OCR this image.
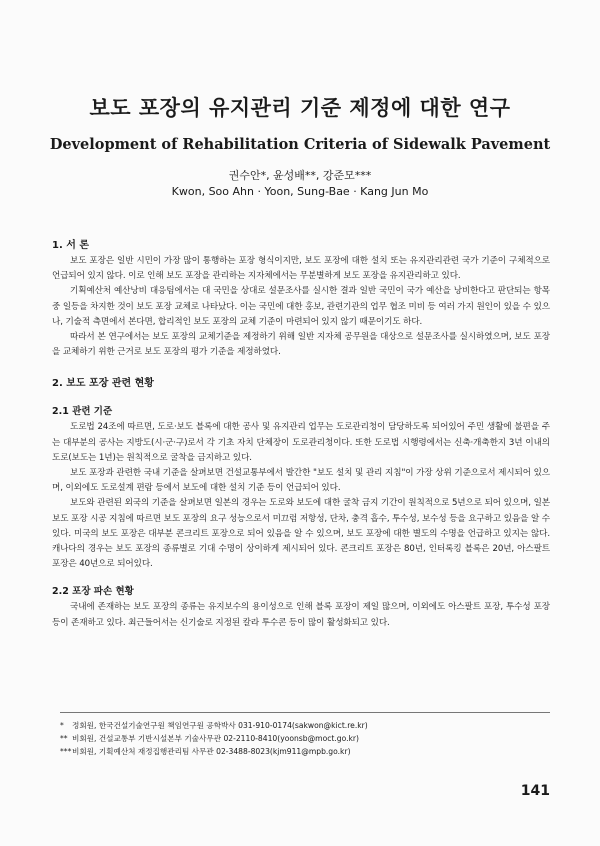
보도 포장의 유지관리 기준 제정에 대한 연구
Development of Rehabilitation Criteria of Sidewalk Pavement
권수안*, 윤성배**, 강준모***
Kwon, Soo Ahn · Yoon, Sung-Bae · Kang Jun Mo
1. 서 론

보도 포장은 일반 시민이 가장 많이 통행하는 포장 형식이지만, 보도 포장에 대한 설치 또는 유지관리관련 국가 기준이 구체적으로 언급되어 있지 않다. 이로 인해 보도 포장을 관리하는 지자체에서는 무분별하게 보도 포장을 유지관리하고 있다.

기획예산처 예산낭비 대응팀에서는 대 국민을 상대로 설문조사를 실시한 결과 일반 국민이 국가 예산을 낭비한다고 판단되는 항목 중 일등을 차지한 것이 보도 포장 교체로 나타났다. 이는 국민에 대한 홍보, 관련기관의 업무 협조 미비 등 여러 가지 원인이 있을 수 있으나, 기술적 측면에서 본다면, 합리적인 보도 포장의 교체 기준이 마련되어 있지 않기 때문이기도 하다.

따라서 본 연구에서는 보도 포장의 교체기준을 제정하기 위해 일반 지자체 공무원을 대상으로 설문조사를 실시하였으며, 보도 포장을 교체하기 위한 근거로 보도 포장의 평가 기준을 제정하였다.

2. 보도 포장 관련 현황
2.1 관련 기준

도로법 24조에 따르면, 도로·보도 블록에 대한 공사 및 유지관리 업무는 도로관리청이 담당하도록 되어있어 주민 생활에 불편을 주는 대부분의 공사는 지방도(시·군·구)로서 각 기초 자치 단체장이 도로관리청이다. 또한 도로법 시행령에서는 신축·개축한지 3년 이내의 도로(보도는 1년)는 원칙적으로 굴착을 금지하고 있다.

보도 포장과 관련한 국내 기준을 살펴보면 건설교통부에서 발간한 "보도 설치 및 관리 지침"이 가장 상위 기준으로서 제시되어 있으며, 이외에도 도로설계 편람 등에서 보도에 대한 설치 기준 등이 언급되어 있다.

보도와 관련된 외국의 기준을 살펴보면 일본의 경우는 도로와 보도에 대한 굴착 금지 기간이 원칙적으로 5년으로 되어 있으며, 일본 보도 포장 시공 지침에 따르면 보도 포장의 요구 성능으로서 미끄럼 저항성, 단차, 충격 흡수, 투수성, 보수성 등을 요구하고 있음을 알 수 있다. 미국의 보도 포장은 대부분 콘크리트 포장으로 되어 있음을 알 수 있으며, 보도 포장에 대한 별도의 수명을 언급하고 있지는 않다. 캐나다의 경우는 보도 포장의 종류별로 기대 수명이 상이하게 제시되어 있다. 콘크리트 포장은 80년, 인터록킹 블록은 20년, 아스팔트 포장은 40년으로 되어있다.

2.2 포장 파손 현황

국내에 존재하는 보도 포장의 종류는 유지보수의 용이성으로 인해 블록 포장이 제일 많으며, 이외에도 아스팔트 포장, 투수성 포장 등이 존재하고 있다. 최근들어서는 신기술로 지정된 칼라 투수콘 등이 많이 활성화되고 있다.

* 정회원, 한국건설기술연구원 책임연구원 공학박사 031-910-0174(sakwon@kict.re.kr)

** 비회원, 건설교통부 기반시설본부 기술사무관 02-2110-8410(yoonsb@moct.go.kr)

***비회원, 기획예산처 재정집행관리팀 사무관 02-3488-8023(kjm911@mpb.go.kr)

141
